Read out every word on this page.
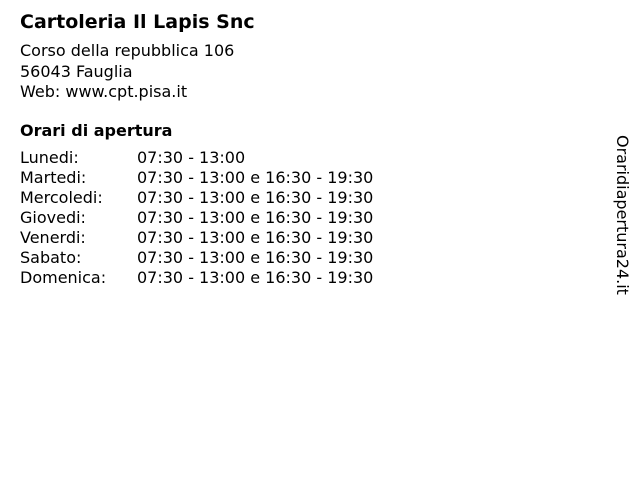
Cartoleria Il Lapis Snc
Corso della repubblica 106
56043 Fauglia
Web: www.cpt.pisa.it
Orari di apertura
Lunedi:	07:30 - 13:00
Martedi:	07:30 - 13:00 e 16:30 - 19:30
Mercoledi:	07:30 - 13:00 e 16:30 - 19:30
Giovedi:	07:30 - 13:00 e 16:30 - 19:30
Venerdi:	07:30 - 13:00 e 16:30 - 19:30
Sabato:	07:30 - 13:00 e 16:30 - 19:30
Domenica:	07:30 - 13:00 e 16:30 - 19:30	Oraridiapertura24.it
